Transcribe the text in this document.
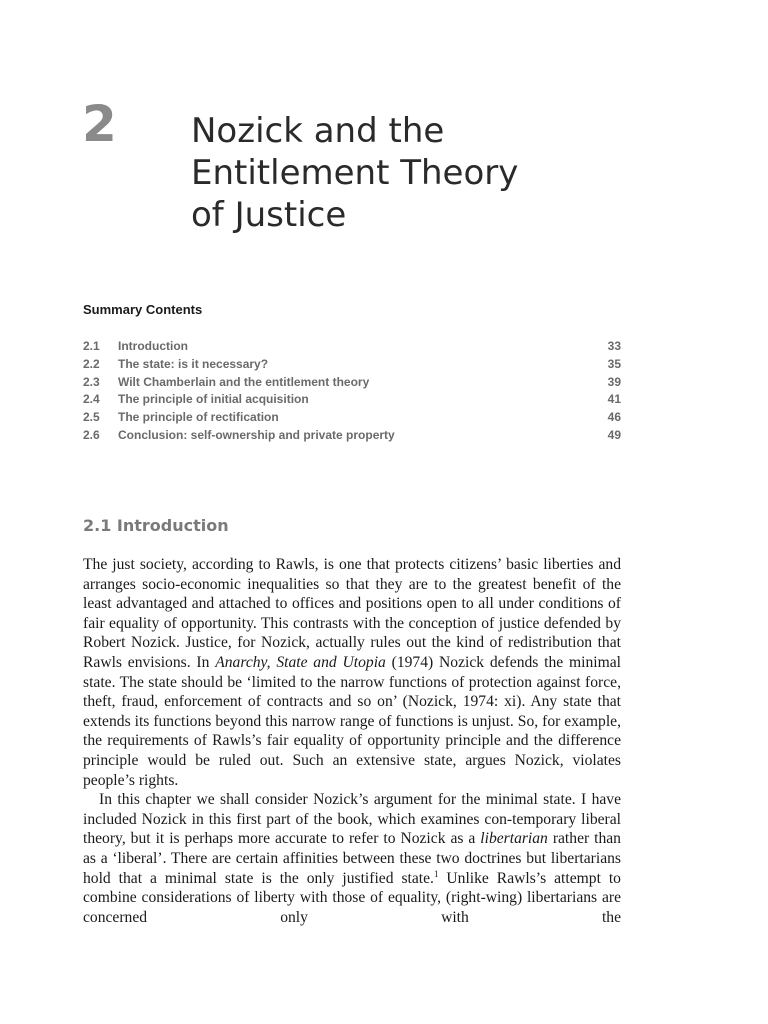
2 Nozick and the
Entitlement Theory
of Justice
Summary Contents
2.1	Introduction	33
2.2	The state: is it necessary?	35
2.3	Wilt Chamberlain and the entitlement theory	39
2.4	The principle of initial acquisition	41
2.5	The principle of rectification	46
2.6	Conclusion: self-ownership and private property	49
2.1 Introduction

The just society, according to Rawls, is one that protects citizens’ basic liberties and arranges socio-economic inequalities so that they are to the greatest benefit of the least advantaged and attached to offices and positions open to all under conditions of fair equality of opportunity. This contrasts with the conception of justice defended by Robert Nozick. Justice, for Nozick, actually rules out the kind of redistribution that Rawls envisions. In Anarchy, State and Utopia (1974) Nozick defends the minimal state. The state should be ‘limited to the narrow functions of protection against force, theft, fraud, enforcement of contracts and so on’ (Nozick, 1974: xi). Any state that extends its functions beyond this narrow range of functions is unjust. So, for example, the requirements of Rawls’s fair equality of opportunity principle and the difference principle would be ruled out. Such an extensive state, argues Nozick, violates people’s rights.

In this chapter we shall consider Nozick’s argument for the minimal state. I have included Nozick in this first part of the book, which examines con-temporary liberal theory, but it is perhaps more accurate to refer to Nozick as a libertarian rather than as a ‘liberal’. There are certain affinities between these two doctrines but libertarians hold that a minimal state is the only justified state.$^1$ Unlike Rawls’s attempt to combine considerations of liberty with those of equality, (right-wing) libertarians are concerned only with the
